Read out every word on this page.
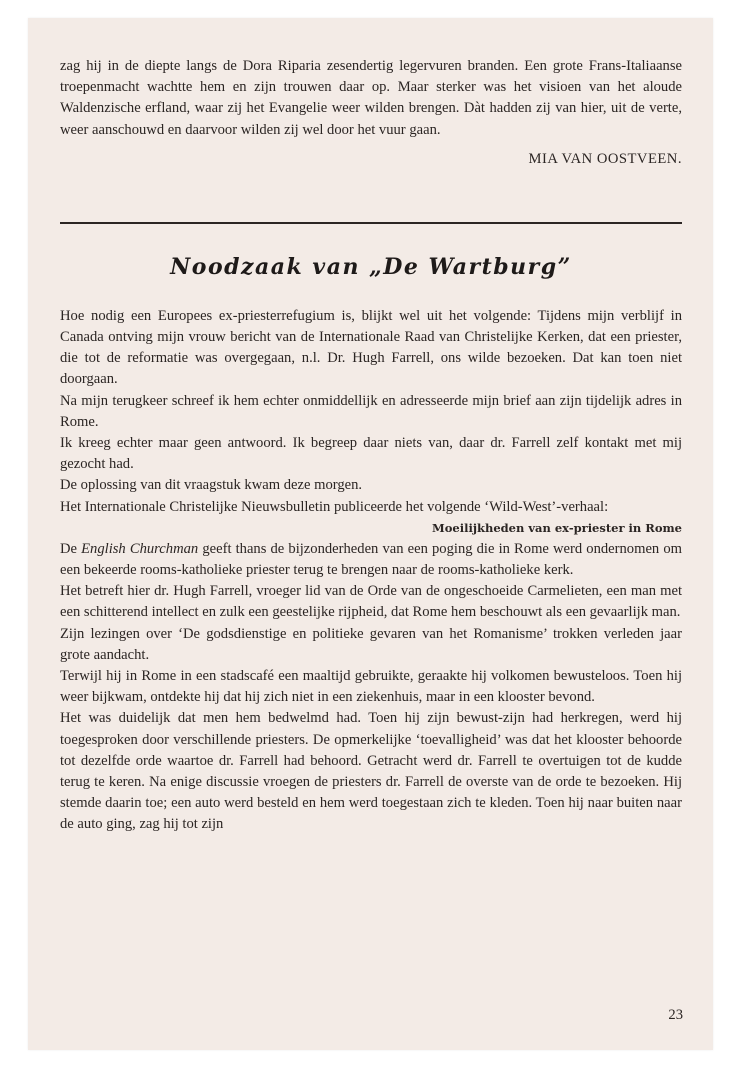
zag hij in de diepte langs de Dora Riparia zesendertig legervuren branden. Een grote Frans-Italiaanse troepenmacht wachtte hem en zijn trouwen daar op. Maar sterker was het visioen van het aloude Waldenzische erfland, waar zij het Evangelie weer wilden brengen. Dàt hadden zij van hier, uit de verte, weer aanschouwd en daarvoor wilden zij wel door het vuur gaan.

MIA VAN OOSTVEEN.
Noodzaak van „De Wartburg”

Hoe nodig een Europees ex-priesterrefugium is, blijkt wel uit het volgende: Tijdens mijn verblijf in Canada ontving mijn vrouw bericht van de Internationale Raad van Christelijke Kerken, dat een priester, die tot de reformatie was overgegaan, n.l. Dr. Hugh Farrell, ons wilde bezoeken. Dat kan toen niet doorgaan.

Na mijn terugkeer schreef ik hem echter onmiddellijk en adresseerde mijn brief aan zijn tijdelijk adres in Rome.

Ik kreeg echter maar geen antwoord. Ik begreep daar niets van, daar dr. Farrell zelf kontakt met mij gezocht had.

De oplossing van dit vraagstuk kwam deze morgen.

Het Internationale Christelijke Nieuwsbulletin publiceerde het volgende ‘Wild-West’-verhaal:

Moeilijkheden van ex-priester in Rome

De English Churchman geeft thans de bijzonderheden van een poging die in Rome werd ondernomen om een bekeerde rooms-katholieke priester terug te brengen naar de rooms-katholieke kerk.

Het betreft hier dr. Hugh Farrell, vroeger lid van de Orde van de ongeschoeide Carmelieten, een man met een schitterend intellect en zulk een geestelijke rijpheid, dat Rome hem beschouwt als een gevaarlijk man.

Zijn lezingen over ‘De godsdienstige en politieke gevaren van het Romanisme’ trokken verleden jaar grote aandacht.

Terwijl hij in Rome in een stadscafé een maaltijd gebruikte, geraakte hij volkomen bewusteloos. Toen hij weer bijkwam, ontdekte hij dat hij zich niet in een ziekenhuis, maar in een klooster bevond.

Het was duidelijk dat men hem bedwelmd had. Toen hij zijn bewust-zijn had herkregen, werd hij toegesproken door verschillende priesters. De opmerkelijke ‘toevalligheid’ was dat het klooster behoorde tot dezelfde orde waartoe dr. Farrell had behoord. Getracht werd dr. Farrell te overtuigen tot de kudde terug te keren. Na enige discussie vroegen de priesters dr. Farrell de overste van de orde te bezoeken. Hij stemde daarin toe; een auto werd besteld en hem werd toegestaan zich te kleden. Toen hij naar buiten naar de auto ging, zag hij tot zijn

23
